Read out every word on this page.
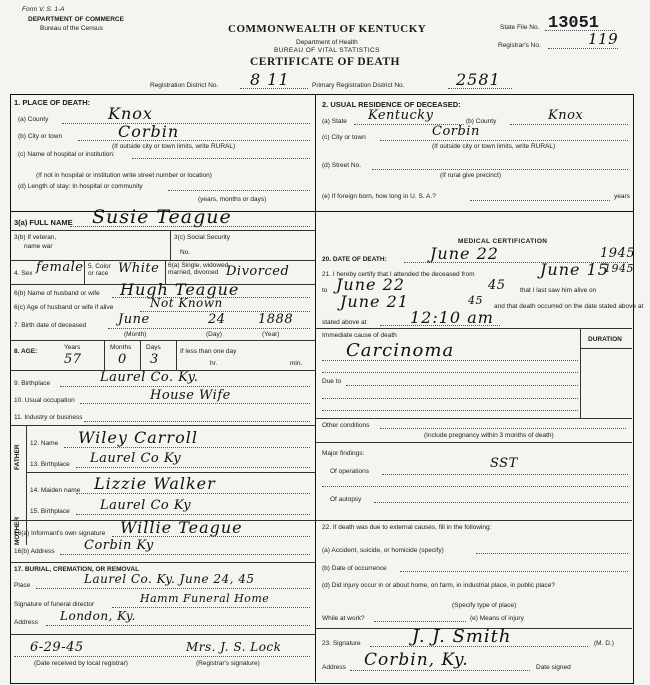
Form V. S. 1-A
DEPARTMENT OF COMMERCE
Bureau of the Census	COMMONWEALTH OF KENTUCKY
Department of Health
BUREAU OF VITAL STATISTICS
CERTIFICATE OF DEATH
State File No. 13051
Registrar's No.	119
Registration District No. 8 11	Primary Registration District No.	2581
1. PLACE OF DEATH:
(a) County	Knox
(b) City or town	Corbin
(If outside city or town limits, write RURAL)
(c) Name of hospital or institution:
(If not in hospital or institution write street number or location)
(d) Length of stay: In hospital or community
(years, months or days)
2. USUAL RESIDENCE OF DECEASED:
(a) State Kentucky	(b) County	Knox
(c) City or town	Corbin
(If outside city or town limits, write RURAL)
(d) Street No.
(If rural give precinct)
(e) If foreign born, how long in U. S. A.?	years
3(a) FULL NAME Susie Teague
3(b) If veteran,
name war
3(c) Social Security
No.
4. Sex female 5. Color or race White 6(a) Single, widowed, married, divorced Divorced
6(b) Name of husband or wife Hugh Teague
6(c) Age of husband or wife if alive	Not Known
7. Birth date of deceased June	24 1888
(Month)	(Day)	(Year)
8. AGE:
Years
57
Months
0
Days
3
If less than one day
hr.	min.
9. Birthplace	Laurel Co. Ky.
10. Usual occupation	House Wife
11. Industry or business
FATHER
MOTHER
12. Name Wiley Carroll
13. Birthplace Laurel Co Ky
14. Maiden name Lizzie Walker
15. Birthplace Laurel Co Ky
16(a) Informant's own signature Willie Teague
16(b) Address Corbin Ky
17. BURIAL, CREMATION, OR REMOVAL
Place	Laurel Co. Ky. June 24, 45
Signature of funeral director	Hamm Funeral Home
Address London, Ky.
6-29-45	Mrs. J. S. Lock
(Date received by local registrar)	(Registrar's signature)
MEDICAL CERTIFICATION
20. DATE OF DEATH:	June 22	1945
21. I hereby certify that I attended the deceased from	June 15
1945
to June 22	45 that I last saw him alive on
June 21	45 and that death occurred on the date stated above at
stated above at	12:10 am
Immediate cause of death
Carcinoma
DURATION
Due to
Other conditions
(Include pregnancy within 3 months of death)
Major findings:
Of operations
SST
Of autopsy
22. If death was due to external causes, fill in the following:
(a) Accident, suicide, or homicide (specify)
(b) Date of occurrence
(d) Did injury occur in or about home, on farm, in industrial place, in public place?
(Specify type of place)
While at work?	(e) Means of injury
23. Signature	J. J. Smith	(M. D.)
Address Corbin, Ky.	Date signed
